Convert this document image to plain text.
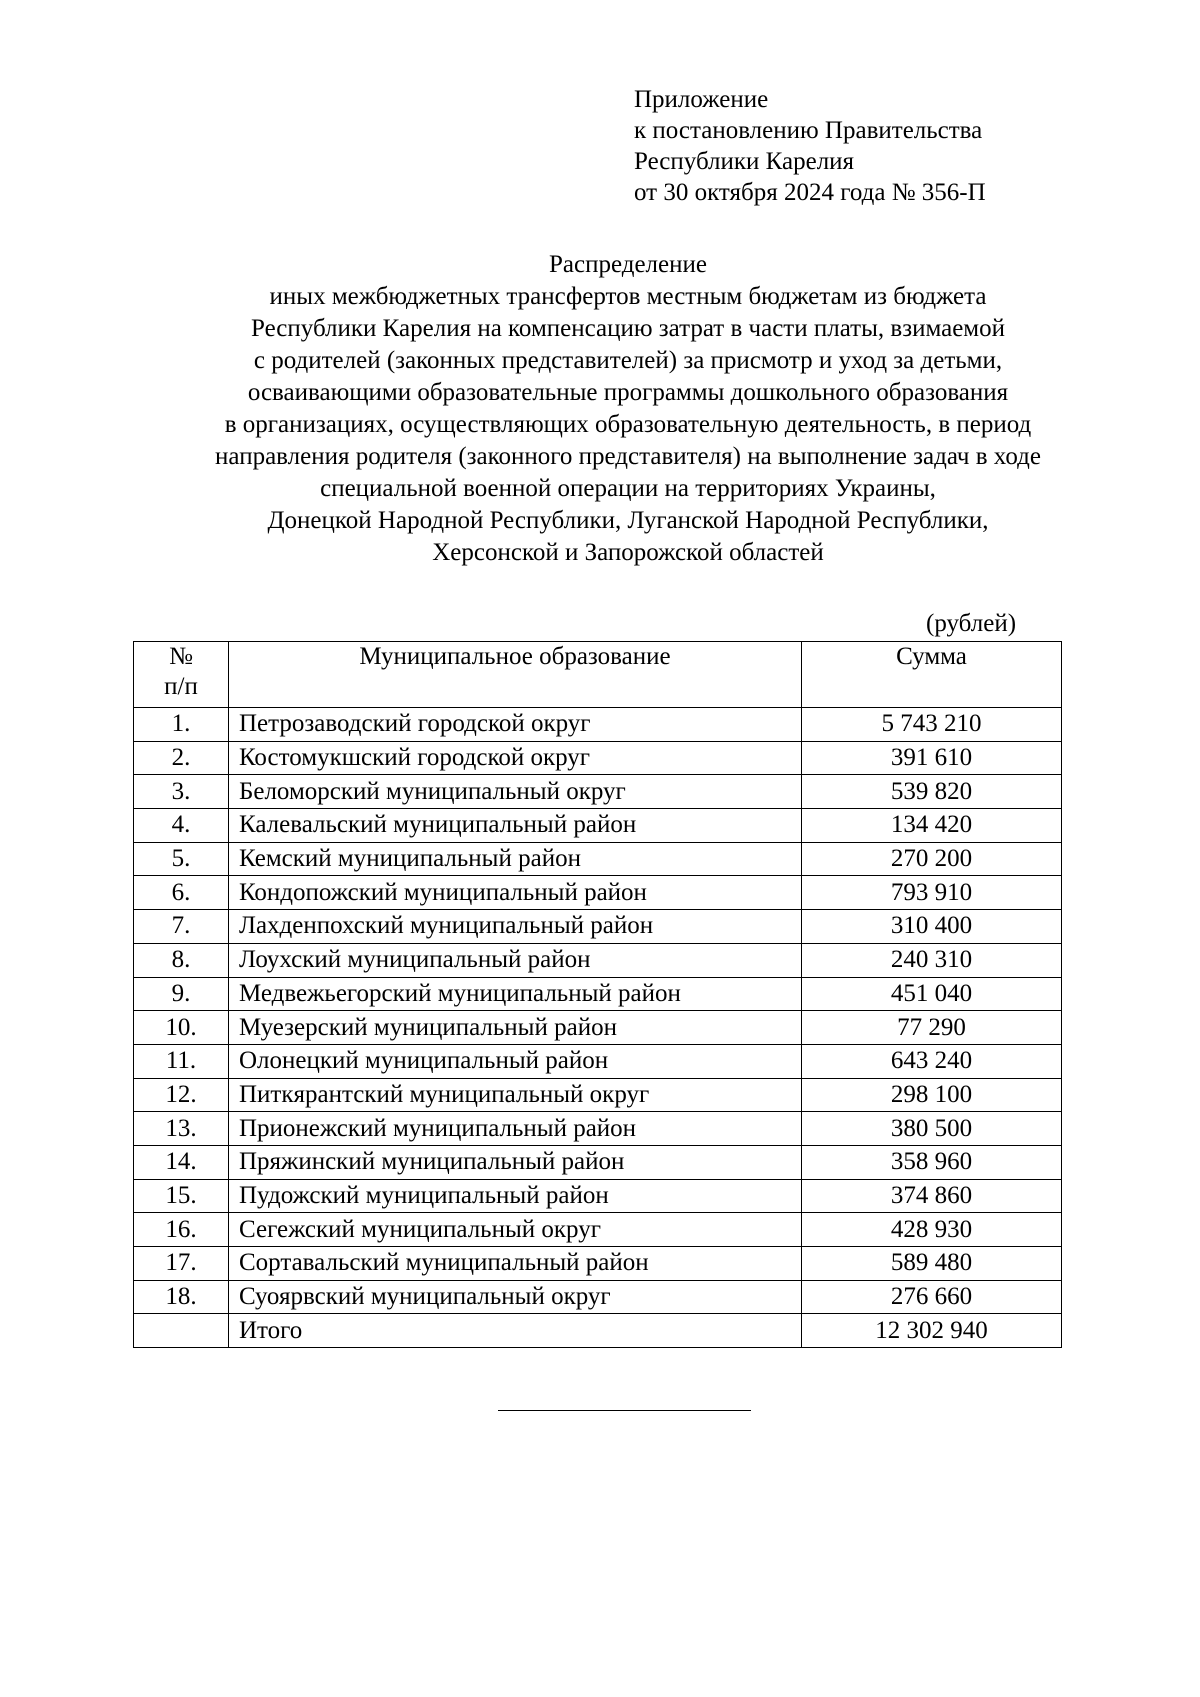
Приложение
к постановлению Правительства
Республики Карелия
от 30 октября 2024 года № 356-П
Распределение
иных межбюджетных трансфертов местным бюджетам из бюджета
Республики Карелия на компенсацию затрат в части платы, взимаемой
с родителей (законных представителей) за присмотр и уход за детьми,
осваивающими образовательные программы дошкольного образования
в организациях, осуществляющих образовательную деятельность, в период
направления родителя (законного представителя) на выполнение задач в ходе
специальной военной операции на территориях Украины,
Донецкой Народной Республики, Луганской Народной Республики,
Херсонской и Запорожской областей
(рублей)
№
п/п	Муниципальное образование	Сумма
1.	Петрозаводский городской округ	5 743 210
2.	Костомукшский городской округ	391 610
3.	Беломорский муниципальный округ	539 820
4.	Калевальский муниципальный район	134 420
5.	Кемский муниципальный район	270 200
6.	Кондопожский муниципальный район	793 910
7.	Лахденпохский муниципальный район	310 400
8.	Лоухский муниципальный район	240 310
9.	Медвежьегорский муниципальный район	451 040
10.	Муезерский муниципальный район	77 290
11.	Олонецкий муниципальный район	643 240
12.	Питкярантский муниципальный округ	298 100
13.	Прионежский муниципальный район	380 500
14.	Пряжинский муниципальный район	358 960
15.	Пудожский муниципальный район	374 860
16.	Сегежский муниципальный округ	428 930
17.	Сортавальский муниципальный район	589 480
18.	Суоярвский муниципальный округ	276 660
	Итого	12 302 940
